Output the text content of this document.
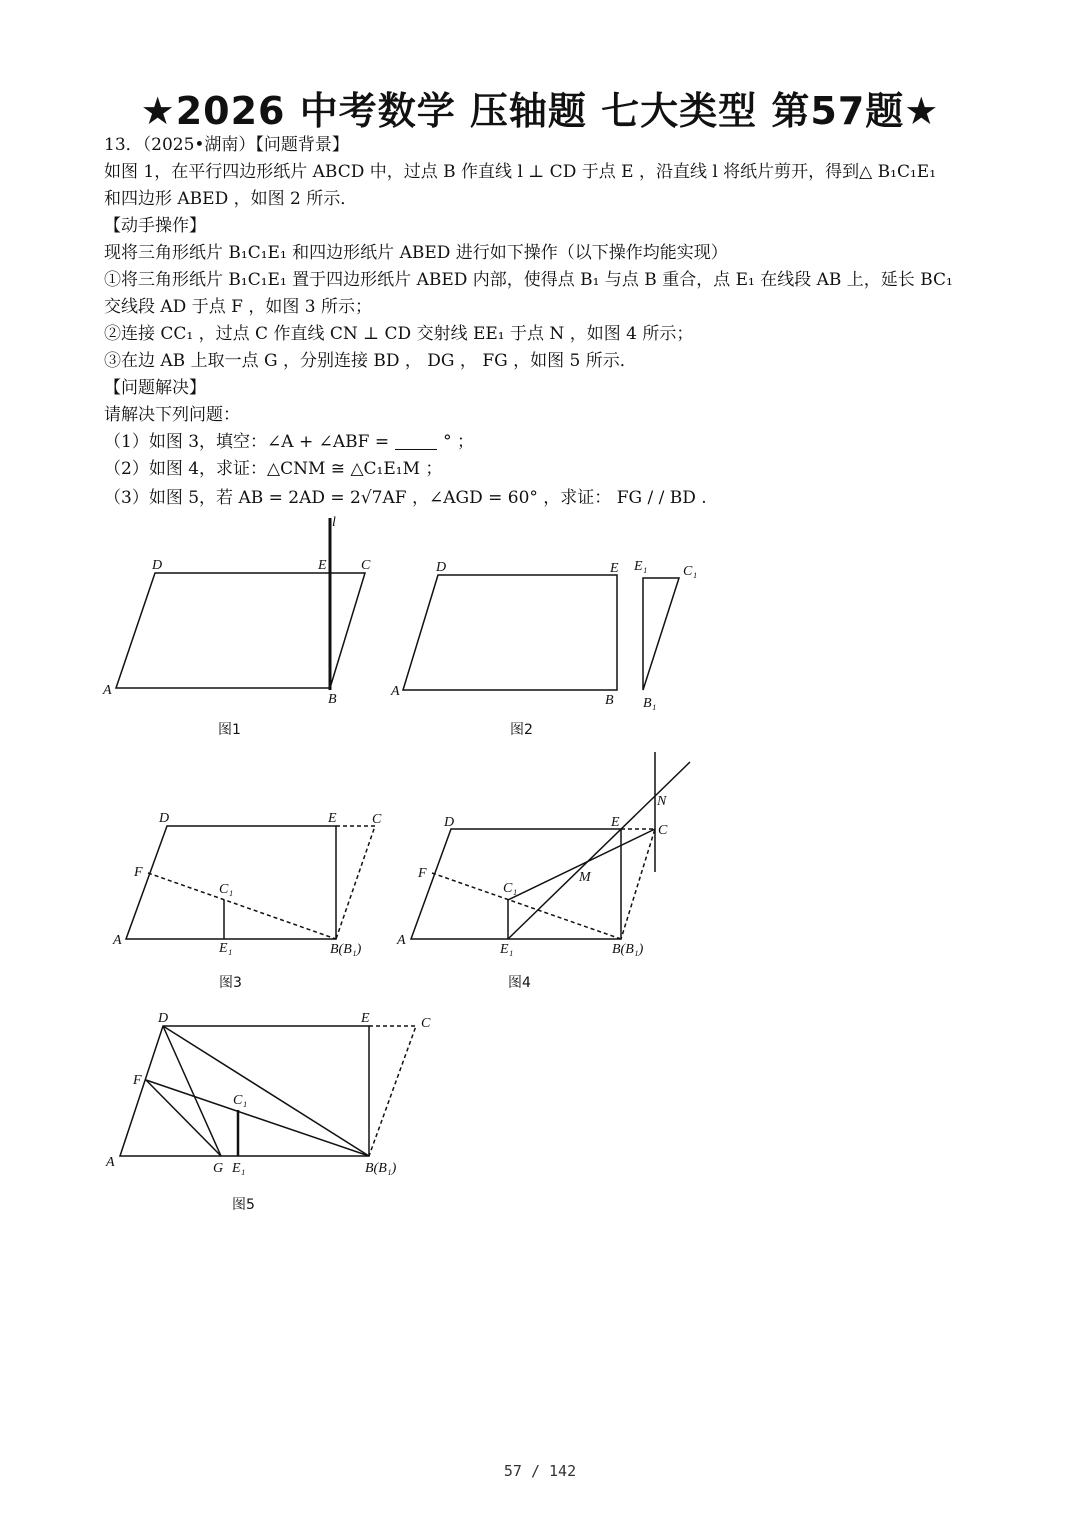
★2026 中考数学 压轴题 七大类型 第57题★
13．（2025•湖南）【问题背景】
如图 1，在平行四边形纸片 ABCD 中，过点 B 作直线 l ⊥ CD 于点 E ，沿直线 l 将纸片剪开，得到△ B₁C₁E₁
和四边形 ABED ，如图 2 所示．
【动手操作】
现将三角形纸片 B₁C₁E₁ 和四边形纸片 ABED 进行如下操作（以下操作均能实现）
①将三角形纸片 B₁C₁E₁ 置于四边形纸片 ABED 内部，使得点 B₁ 与点 B 重合，点 E₁ 在线段 AB 上，延长 BC₁
交线段 AD 于点 F ，如图 3 所示；
②连接 CC₁ ，过点 C 作直线 CN ⊥ CD 交射线 EE₁ 于点 N ，如图 4 所示；
③在边 AB 上取一点 G ，分别连接 BD ， DG ， FG ，如图 5 所示．
【问题解决】
请解决下列问题：
（1）如图 3，填空：∠A + ∠ABF =	° ；
（2）如图 4，求证：△CNM ≅ △C₁E₁M ；
（3）如图 5，若 AB = 2AD = 2√7AF ，∠AGD = 60° ，求证： FG / / BD .
D	E C
A
B
l
图1
D	E E₁	C₁
A
B B₁
图2
D	E	C
F
C₁
A
E₁	B(B₁)
图3
D	E
C
N
M
F
C₁
A
E₁	B(B₁)
图4
D	E	C
F
C₁
A	G E₁	B(B₁)
图5
57 / 142
